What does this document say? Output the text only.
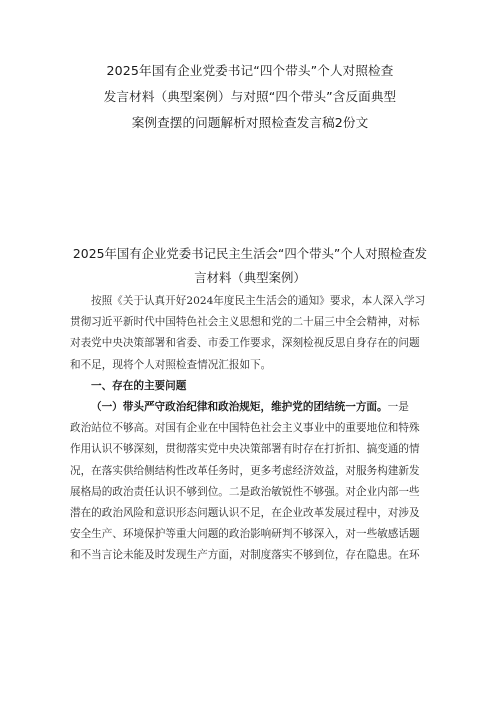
2025年国有企业党委书记“四个带头”个人对照检查
发言材料（典型案例）与对照“四个带头”含反面典型
案例查摆的问题解析对照检查发言稿2份文
2025年国有企业党委书记民主生活会“四个带头”个人对照检查发
言材料（典型案例）
按照《关于认真开好2024年度民主生活会的通知》要求，本人深入学习
贯彻习近平新时代中国特色社会主义思想和党的二十届三中全会精神，对标
对表党中央决策部署和省委、市委工作要求，深刻检视反思自身存在的问题
和不足，现将个人对照检查情况汇报如下。
一、存在的主要问题
（一）带头严守政治纪律和政治规矩，维护党的团结统一方面。一是
政治站位不够高。对国有企业在中国特色社会主义事业中的重要地位和特殊
作用认识不够深刻，贯彻落实党中央决策部署有时存在打折扣、搞变通的情
况，在落实供给侧结构性改革任务时，更多考虑经济效益，对服务构建新发
展格局的政治责任认识不够到位。二是政治敏锐性不够强。对企业内部一些
潜在的政治风险和意识形态问题认识不足，在企业改革发展过程中，对涉及
安全生产、环境保护等重大问题的政治影响研判不够深入，对一些敏感话题
和不当言论未能及时发现生产方面，对制度落实不够到位，存在隐患。在环
